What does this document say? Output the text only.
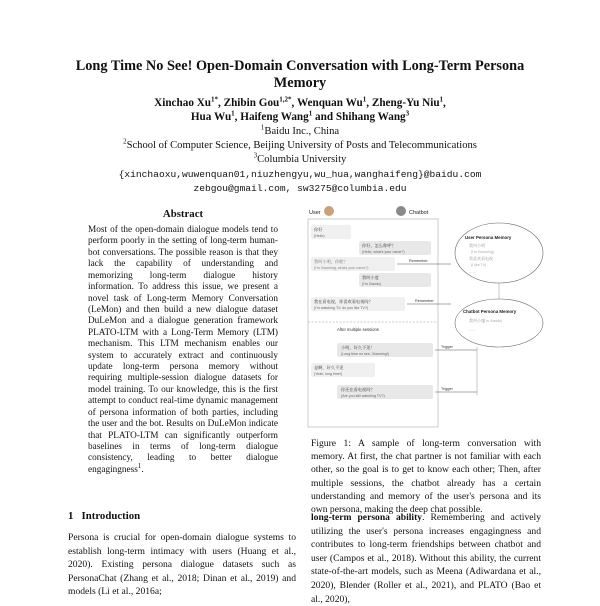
Long Time No See! Open-Domain Conversation with Long-Term Persona
Memory
Xinchao $Xu^{1*}$, Zhibin Gou$^{1,2*}$, Wenquan Wu$^1$, Zheng-Yu Niu$^1$,
Hua Wu$^1$, Haifeng Wang$^1$ and Shihang Wang$^3$
$^1$Baidu Inc., China
$^2$School of Computer Science, Beijing University of Posts and Telecommunications
$^3$Columbia University
{xinchaoxu,wuwenquan01,niuzhengyu,wu_hua,wanghaifeng}@baidu.com
zebgou@gmail.com, sw3275@columbia.edu
Abstract
Most of the open-domain dialogue models tend to perform poorly in the setting of long-term human-bot conversations. The possible reason is that they lack the capability of understanding and memorizing long-term dialogue history information. To address this issue, we present a novel task of Long-term Memory Conversation (LeMon) and then build a new dialogue dataset DuLeMon and a dialogue generation framework PLATO-LTM with a Long-Term Memory (LTM) mechanism. This LTM mechanism enables our system to accurately extract and continuously update long-term persona memory without requiring multiple-session dialogue datasets for model training. To our knowledge, this is the first attempt to conduct real-time dynamic management of persona information of both parties, including the user and the bot. Results on DuLeMon indicate that PLATO-LTM can significantly outperform baselines in terms of long-term dialogue consistency, leading to better dialogue engagingness$^1$.
1 Introduction
Persona is crucial for open-domain dialogue systems to establish long-term intimacy with users (Huang et al., 2020). Existing persona dialogue datasets such as PersonaChat (Zhang et al., 2018; Dinan et al., 2019) and models (Li et al., 2016a;
User	Chatbot
你好
(Hello)
你好，怎么称呼？
(Hello, what's your name?)
我叫小明，你呢？
(I'm Xiaoming, whats your name?)
我叫小度
(I'm Xiaodu)
我在看电视，你喜欢看电视吗？
(I'm watching TV, do you like TV?)
After multiple sessions
小明，好久不见！
(Long time no see, Xiaoming!)
是啊，好久不见
(Yeah, long time!)
你还在看电视吗？
(Are you still watching TV?)
Remember
Remember
Trigger
Trigger
User Persona Memory
我叫小明
(I'm Xiaoming)
我喜欢看电视
(I like TV)
......
Chatbot Persona Memory
我叫小度
(I'm Xiaodu)
......
Figure 1: A sample of long-term conversation with memory. At first, the chat partner is not familiar with each other, so the goal is to get to know each other; Then, after multiple sessions, the chatbot already has a certain understanding and memory of the user's persona and its own persona, making the deep chat possible.
long-term persona ability. Remembering and actively utilizing the user's persona increases engagingness and contributes to long-term friendships between chatbot and user (Campos et al., 2018). Without this ability, the current state-of-the-art models, such as Meena (Adiwardana et al., 2020), Blender (Roller et al., 2021), and PLATO (Bao et al., 2020),
